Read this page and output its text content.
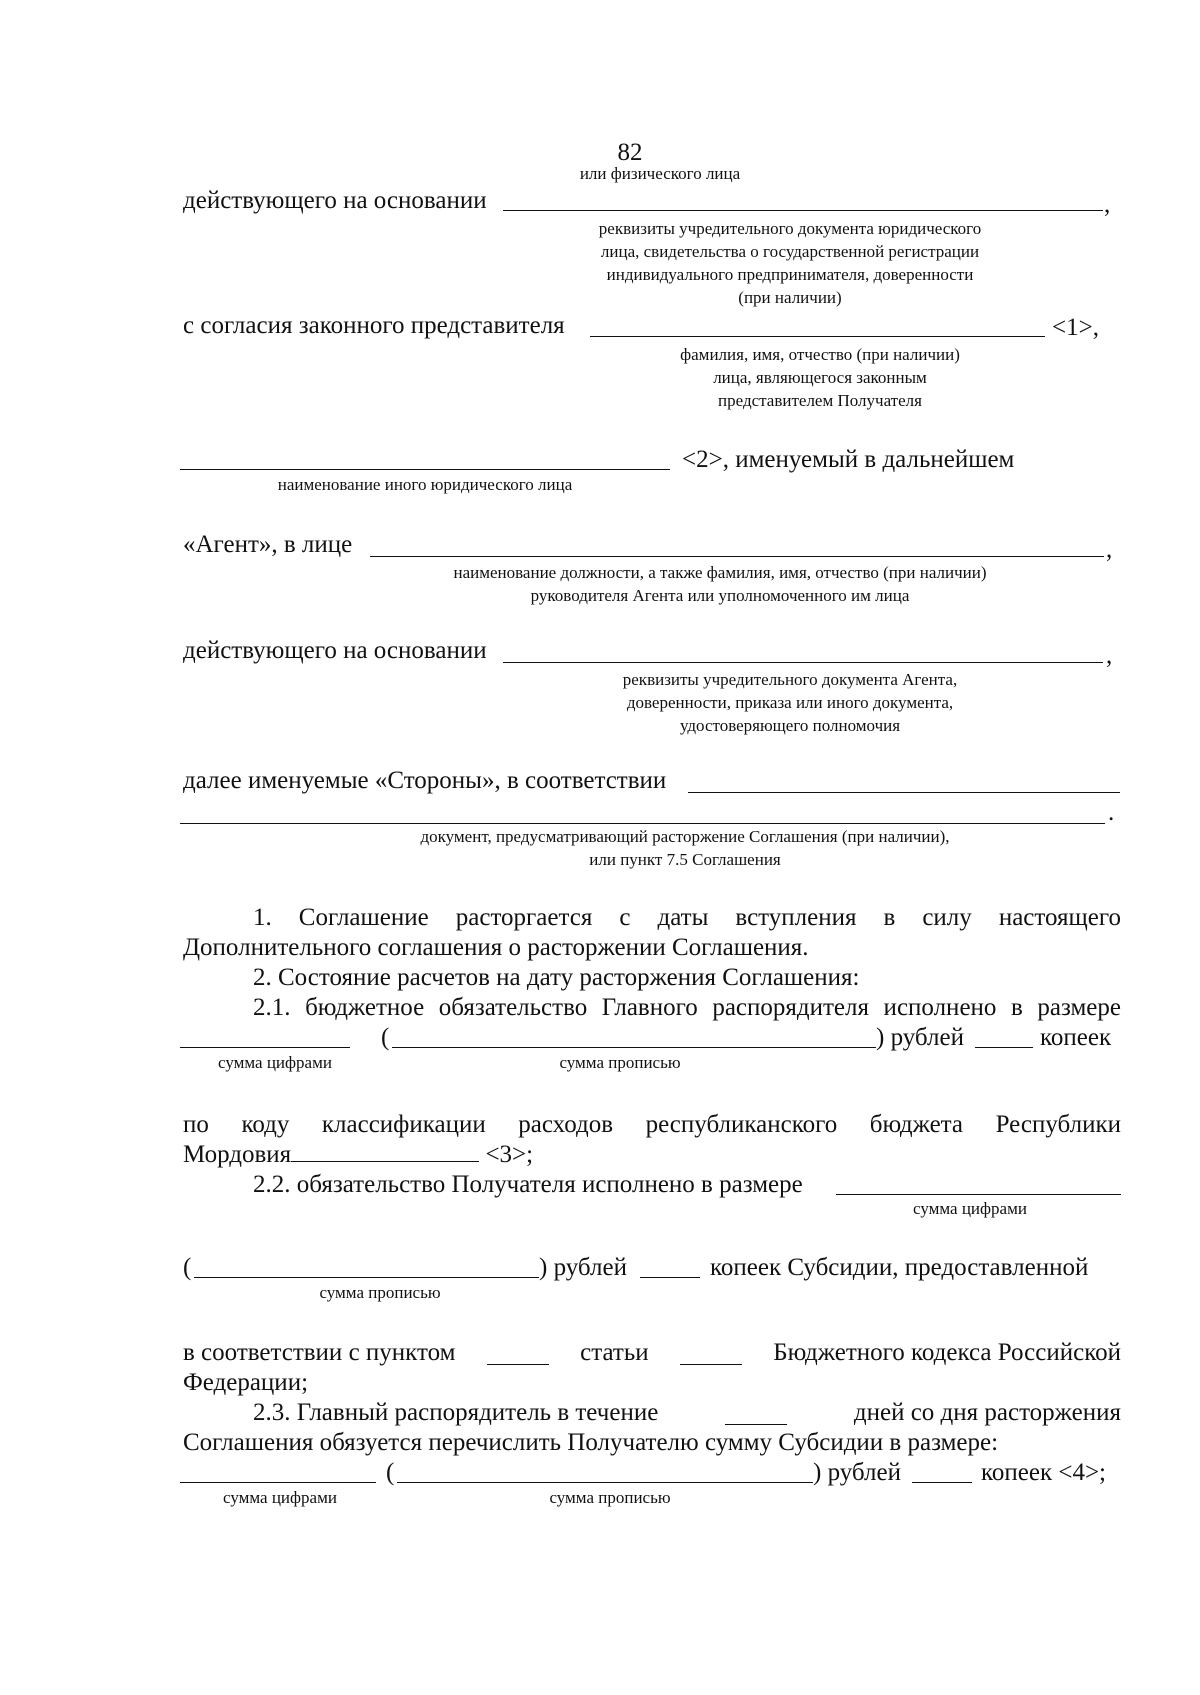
82
или физического лица
действующего на основании	,
реквизиты учредительного документа юридического
лица, свидетельства о государственной регистрации
индивидуального предпринимателя, доверенности
(при наличии)
с согласия законного представителя	<1>,
фамилия, имя, отчество (при наличии)
лица, являющегося законным
представителем Получателя
<2>, именуемый в дальнейшем
наименование иного юридического лица
«Агент», в лице	,
наименование должности, а также фамилия, имя, отчество (при наличии)
руководителя Агента или уполномоченного им лица
действующего на основании	,
реквизиты учредительного документа Агента,
доверенности, приказа или иного документа,
удостоверяющего полномочия
далее именуемые «Стороны», в соответствии
.
документ, предусматривающий расторжение Соглашения (при наличии),
или пункт 7.5 Соглашения
1. Соглашение расторгается с даты вступления в силу настоящего
Дополнительного соглашения о расторжении Соглашения.
2. Состояние расчетов на дату расторжения Соглашения:
2.1. бюджетное обязательство Главного распорядителя исполнено в размере
(	) рублей	копеек
сумма цифрами	сумма прописью
по коду классификации расходов республиканского бюджета Республики
Мордовия	<3>;
2.2. обязательство Получателя исполнено в размере
сумма цифрами
(	) рублей	копеек Субсидии, предоставленной
сумма прописью
в соответствии с пунктом	статьи	Бюджетного кодекса Российской
Федерации;
2.3. Главный распорядитель в течение	дней со дня расторжения
Соглашения обязуется перечислить Получателю сумму Субсидии в размере:
(	) рублей	копеек <4>;
сумма цифрами	сумма прописью
